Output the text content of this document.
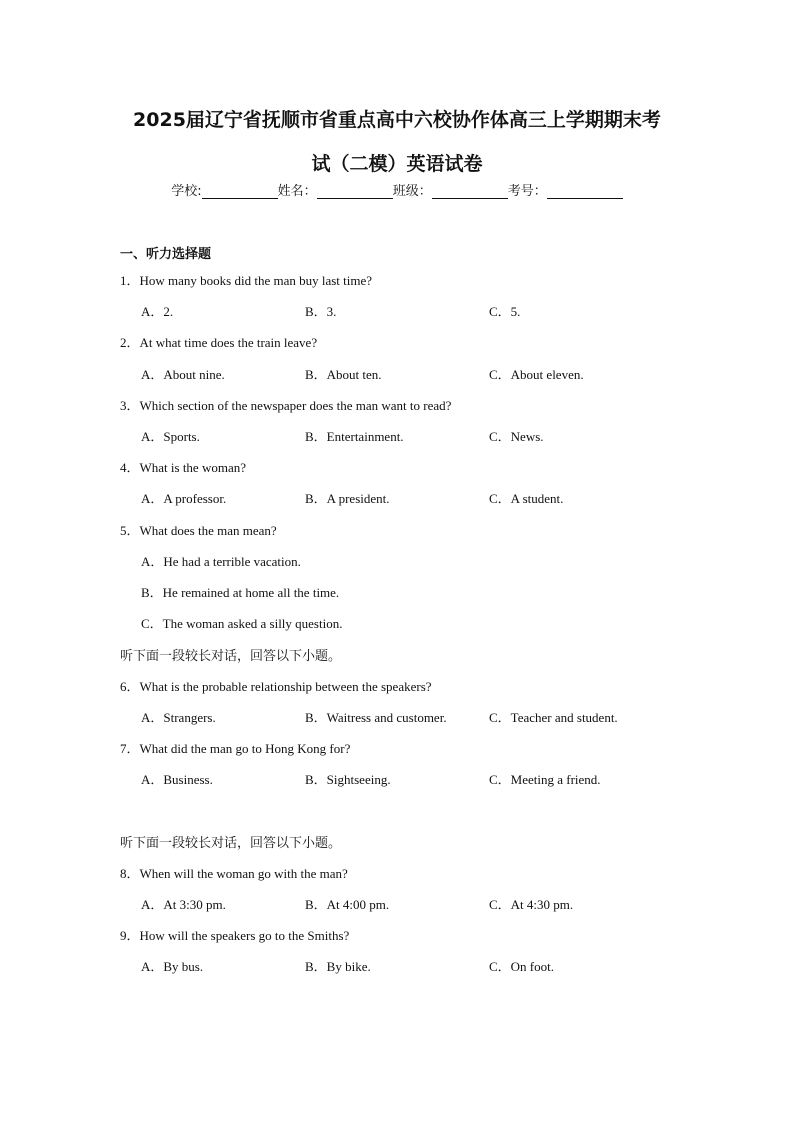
2025届辽宁省抚顺市省重点高中六校协作体高三上学期期末考
试（二模）英语试卷
学校:	姓名：	班级：	考号：
一、听力选择题
1．How many books did the man buy last time?
A．2.	B．3.	C．5.
2．At what time does the train leave?
A．About nine.	B．About ten.	C．About eleven.
3．Which section of the newspaper does the man want to read?
A．Sports.	B．Entertainment.	C．News.
4．What is the woman?
A．A professor.	B．A president.	C．A student.
5．What does the man mean?
A．He had a terrible vacation.
B．He remained at home all the time.
C．The woman asked a silly question.
听下面一段较长对话，回答以下小题。
6．What is the probable relationship between the speakers?
A．Strangers.	B．Waitress and customer.	C．Teacher and student.
7．What did the man go to Hong Kong for?
A．Business.	B．Sightseeing.	C．Meeting a friend.
听下面一段较长对话，回答以下小题。
8．When will the woman go with the man?
A．At 3:30 pm.	B．At 4:00 pm.	C．At 4:30 pm.
9．How will the speakers go to the Smiths?
A．By bus.	B．By bike.	C．On foot.
